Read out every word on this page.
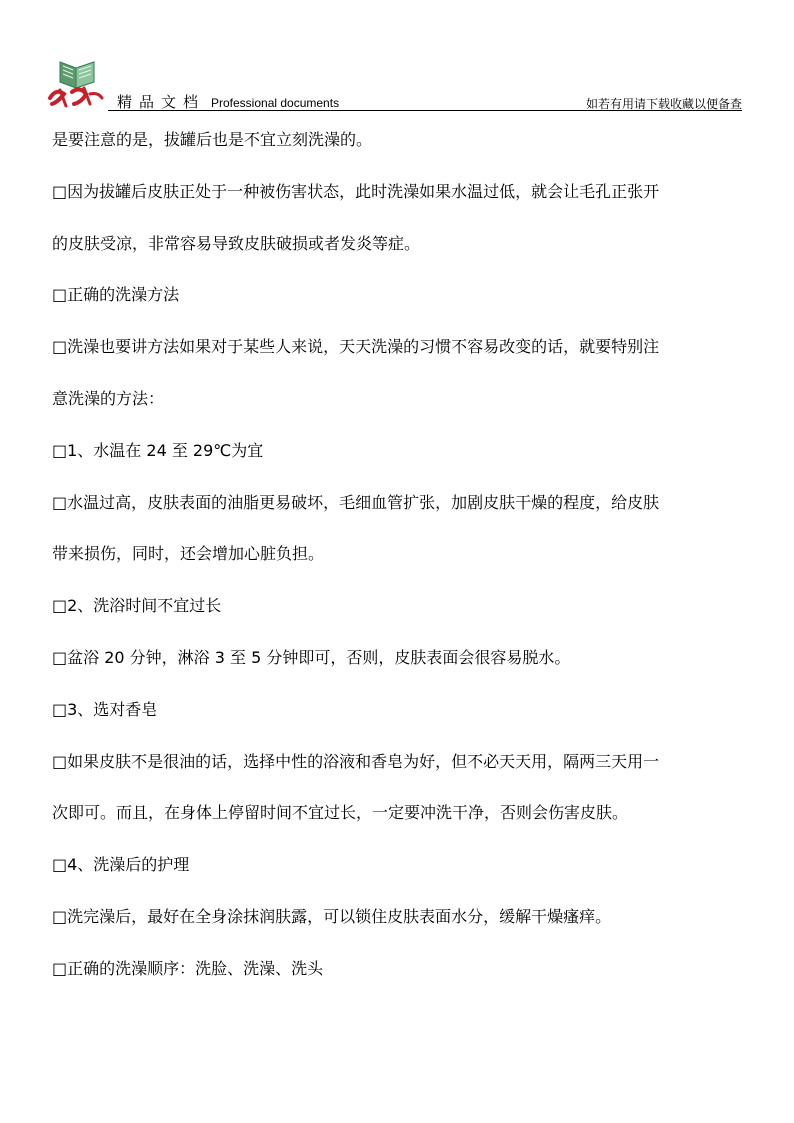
精品文档 Professional documents	如若有用请下载收藏以便备查
是要注意的是，拔罐后也是不宜立刻洗澡的。
□因为拔罐后皮肤正处于一种被伤害状态，此时洗澡如果水温过低，就会让毛孔正张开
的皮肤受凉，非常容易导致皮肤破损或者发炎等症。
□正确的洗澡方法
□洗澡也要讲方法如果对于某些人来说，天天洗澡的习惯不容易改变的话，就要特别注
意洗澡的方法：
□1、水温在 24 至 29℃为宜
□水温过高，皮肤表面的油脂更易破坏，毛细血管扩张，加剧皮肤干燥的程度，给皮肤
带来损伤，同时，还会增加心脏负担。
□2、洗浴时间不宜过长
□盆浴 20 分钟，淋浴 3 至 5 分钟即可，否则，皮肤表面会很容易脱水。
□3、选对香皂
□如果皮肤不是很油的话，选择中性的浴液和香皂为好，但不必天天用，隔两三天用一
次即可。而且，在身体上停留时间不宜过长，一定要冲洗干净，否则会伤害皮肤。
□4、洗澡后的护理
□洗完澡后，最好在全身涂抹润肤露，可以锁住皮肤表面水分，缓解干燥瘙痒。
□正确的洗澡顺序：洗脸、洗澡、洗头
